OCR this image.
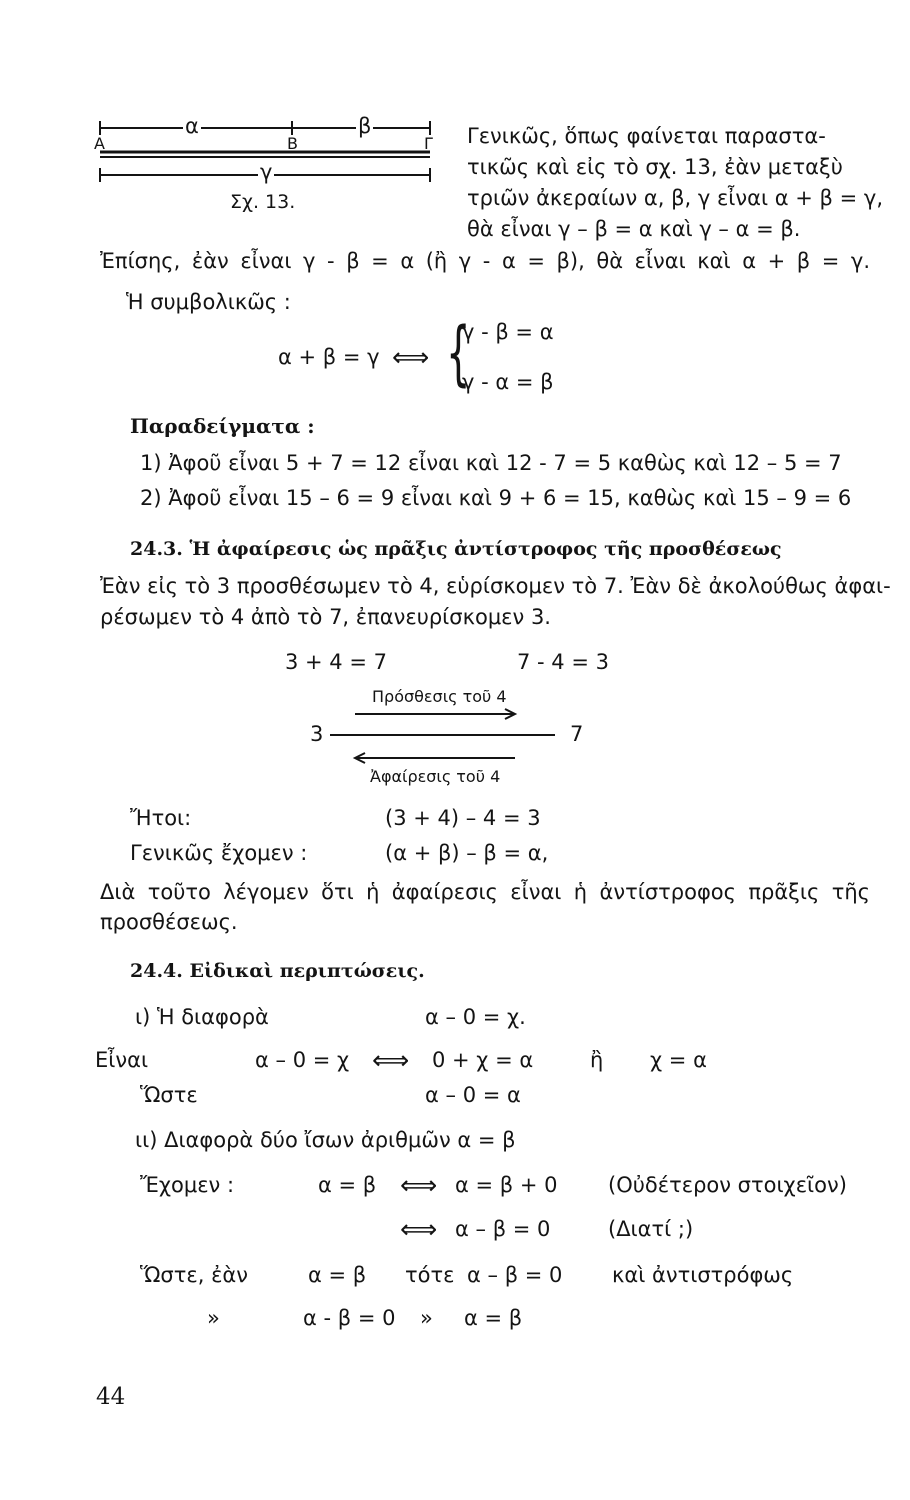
α	β
γ
A	B	Γ
Σχ. 13.
Γενικῶς, ὅπως φαίνεται παραστα-
τικῶς καὶ εἰς τὸ σχ. 13, ἐὰν μεταξὺ
τριῶν ἀκεραίων α, β, γ εἶναι α + β = γ,
θὰ εἶναι γ – β = α καὶ γ – α = β.
Ἐπίσης, ἐὰν εἶναι γ - β = α (ἢ γ - α = β), θὰ εἶναι καὶ α + β = γ.
Ἡ συμβολικῶς :
α + β = γ ⟺ {
γ - β = α
γ - α = β
Παραδείγματα :
1) Ἀφοῦ εἶναι 5 + 7 = 12 εἶναι καὶ 12 - 7 = 5 καθὼς καὶ 12 – 5 = 7
2) Ἀφοῦ εἶναι 15 – 6 = 9 εἶναι καὶ 9 + 6 = 15, καθὼς καὶ 15 – 9 = 6
24.3. Ἡ ἀφαίρεσις ὡς πρᾶξις ἀντίστροφος τῆς προσθέσεως
Ἐὰν εἰς τὸ 3 προσθέσωμεν τὸ 4, εὑρίσκομεν τὸ 7. Ἐὰν δὲ ἀκολούθως ἀφαι-
ρέσωμεν τὸ 4 ἀπὸ τὸ 7, ἐπανευρίσκομεν 3.
3 + 4 = 7	7 - 4 = 3
Πρόσθεσις τοῦ 4
3	7
Ἀφαίρεσις τοῦ 4
Ἤτοι:	(3 + 4) – 4 = 3
Γενικῶς ἔχομεν :	(α + β) – β = α,
Διὰ τοῦτο λέγομεν ὅτι ἡ ἀφαίρεσις εἶναι ἡ ἀντίστροφος πρᾶξις τῆς
προσθέσεως.
24.4. Εἰδικαὶ περιπτώσεις.
ι) Ἡ διαφορὰ	α – 0 = χ.
Εἶναι	α – 0 = χ ⟺ 0 + χ = α	ἢ χ = α
Ὥστε	α – 0 = α
ιι) Διαφορὰ δύο ἴσων ἀριθμῶν α = β
Ἔχομεν :	α = β ⟺ α = β + 0 (Οὐδέτερον στοιχεῖον)
⟺ α – β = 0	(Διατί ;)
Ὥστε, ἐὰν	α = β τότε α – β = 0 καὶ ἀντιστρόφως
»	α - β = 0 » α = β
44
